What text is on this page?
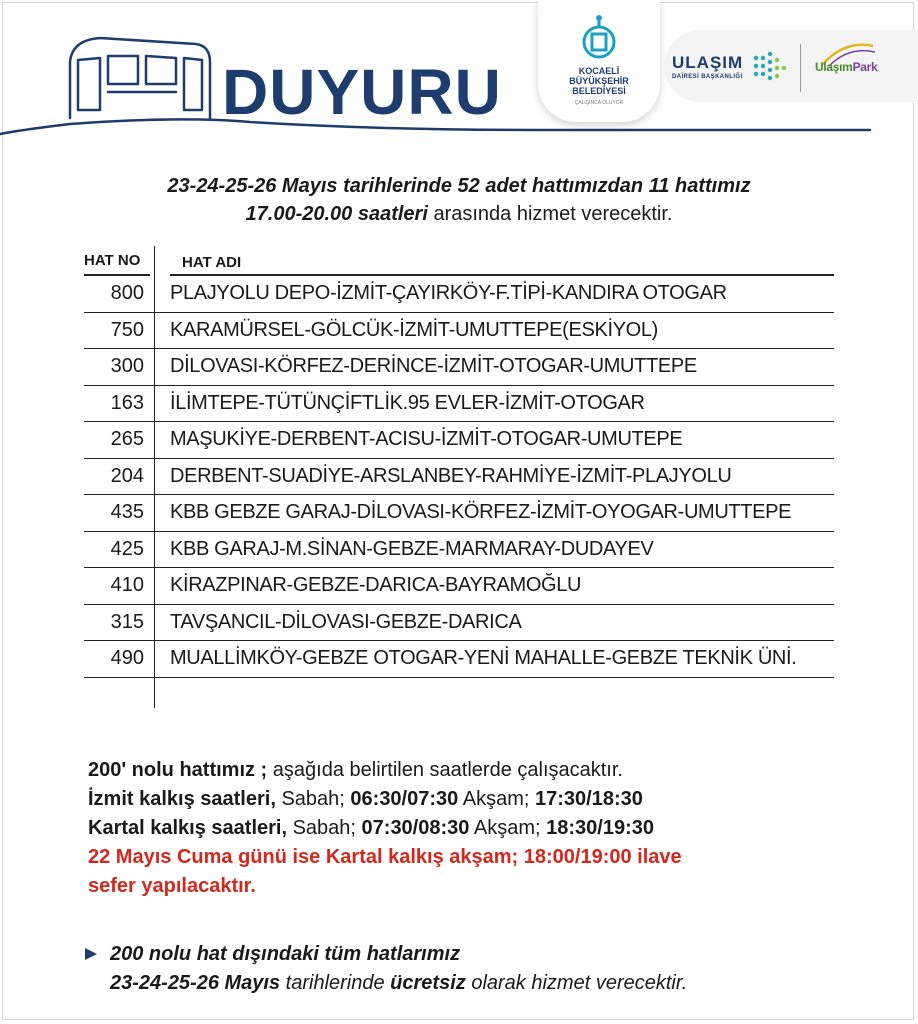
DUYURU	KOCAELİ
BÜYÜKŞEHİR
BELEDİYESİ
ÇALIŞINCA OLUYOR
ULAŞIM
DAİRESİ BAŞKANLIĞI
UlaşımPark
23-24-25-26 Mayıs tarihlerinde 52 adet hattımızdan 11 hattımız
17.00-20.00 saatleri arasında hizmet verecektir.
HAT NO	HAT ADI
800 PLAJYOLU DEPO-İZMİT-ÇAYIRKÖY-F.TİPİ-KANDIRA OTOGAR
750 KARAMÜRSEL-GÖLCÜK-İZMİT-UMUTTEPE(ESKİYOL)
300 DİLOVASI-KÖRFEZ-DERİNCE-İZMİT-OTOGAR-UMUTTEPE
163 İLİMTEPE-TÜTÜNÇİFTLİK.95 EVLER-İZMİT-OTOGAR
265 MAŞUKİYE-DERBENT-ACISU-İZMİT-OTOGAR-UMUTEPE
204 DERBENT-SUADİYE-ARSLANBEY-RAHMİYE-İZMİT-PLAJYOLU
435 KBB GEBZE GARAJ-DİLOVASI-KÖRFEZ-İZMİT-OYOGAR-UMUTTEPE
425 KBB GARAJ-M.SİNAN-GEBZE-MARMARAY-DUDAYEV
410 KİRAZPINAR-GEBZE-DARICA-BAYRAMOĞLU
315 TAVŞANCIL-DİLOVASI-GEBZE-DARICA
490 MUALLİMKÖY-GEBZE OTOGAR-YENİ MAHALLE-GEBZE TEKNİK ÜNİ.
200' nolu hattımız ; aşağıda belirtilen saatlerde çalışacaktır.
İzmit kalkış saatleri, Sabah; 06:30/07:30 Akşam; 17:30/18:30
Kartal kalkış saatleri, Sabah; 07:30/08:30 Akşam; 18:30/19:30
22 Mayıs Cuma günü ise Kartal kalkış akşam; 18:00/19:00 ilave
sefer yapılacaktır.
200 nolu hat dışındaki tüm hatlarımız
23-24-25-26 Mayıs tarihlerinde ücretsiz olarak hizmet verecektir.
